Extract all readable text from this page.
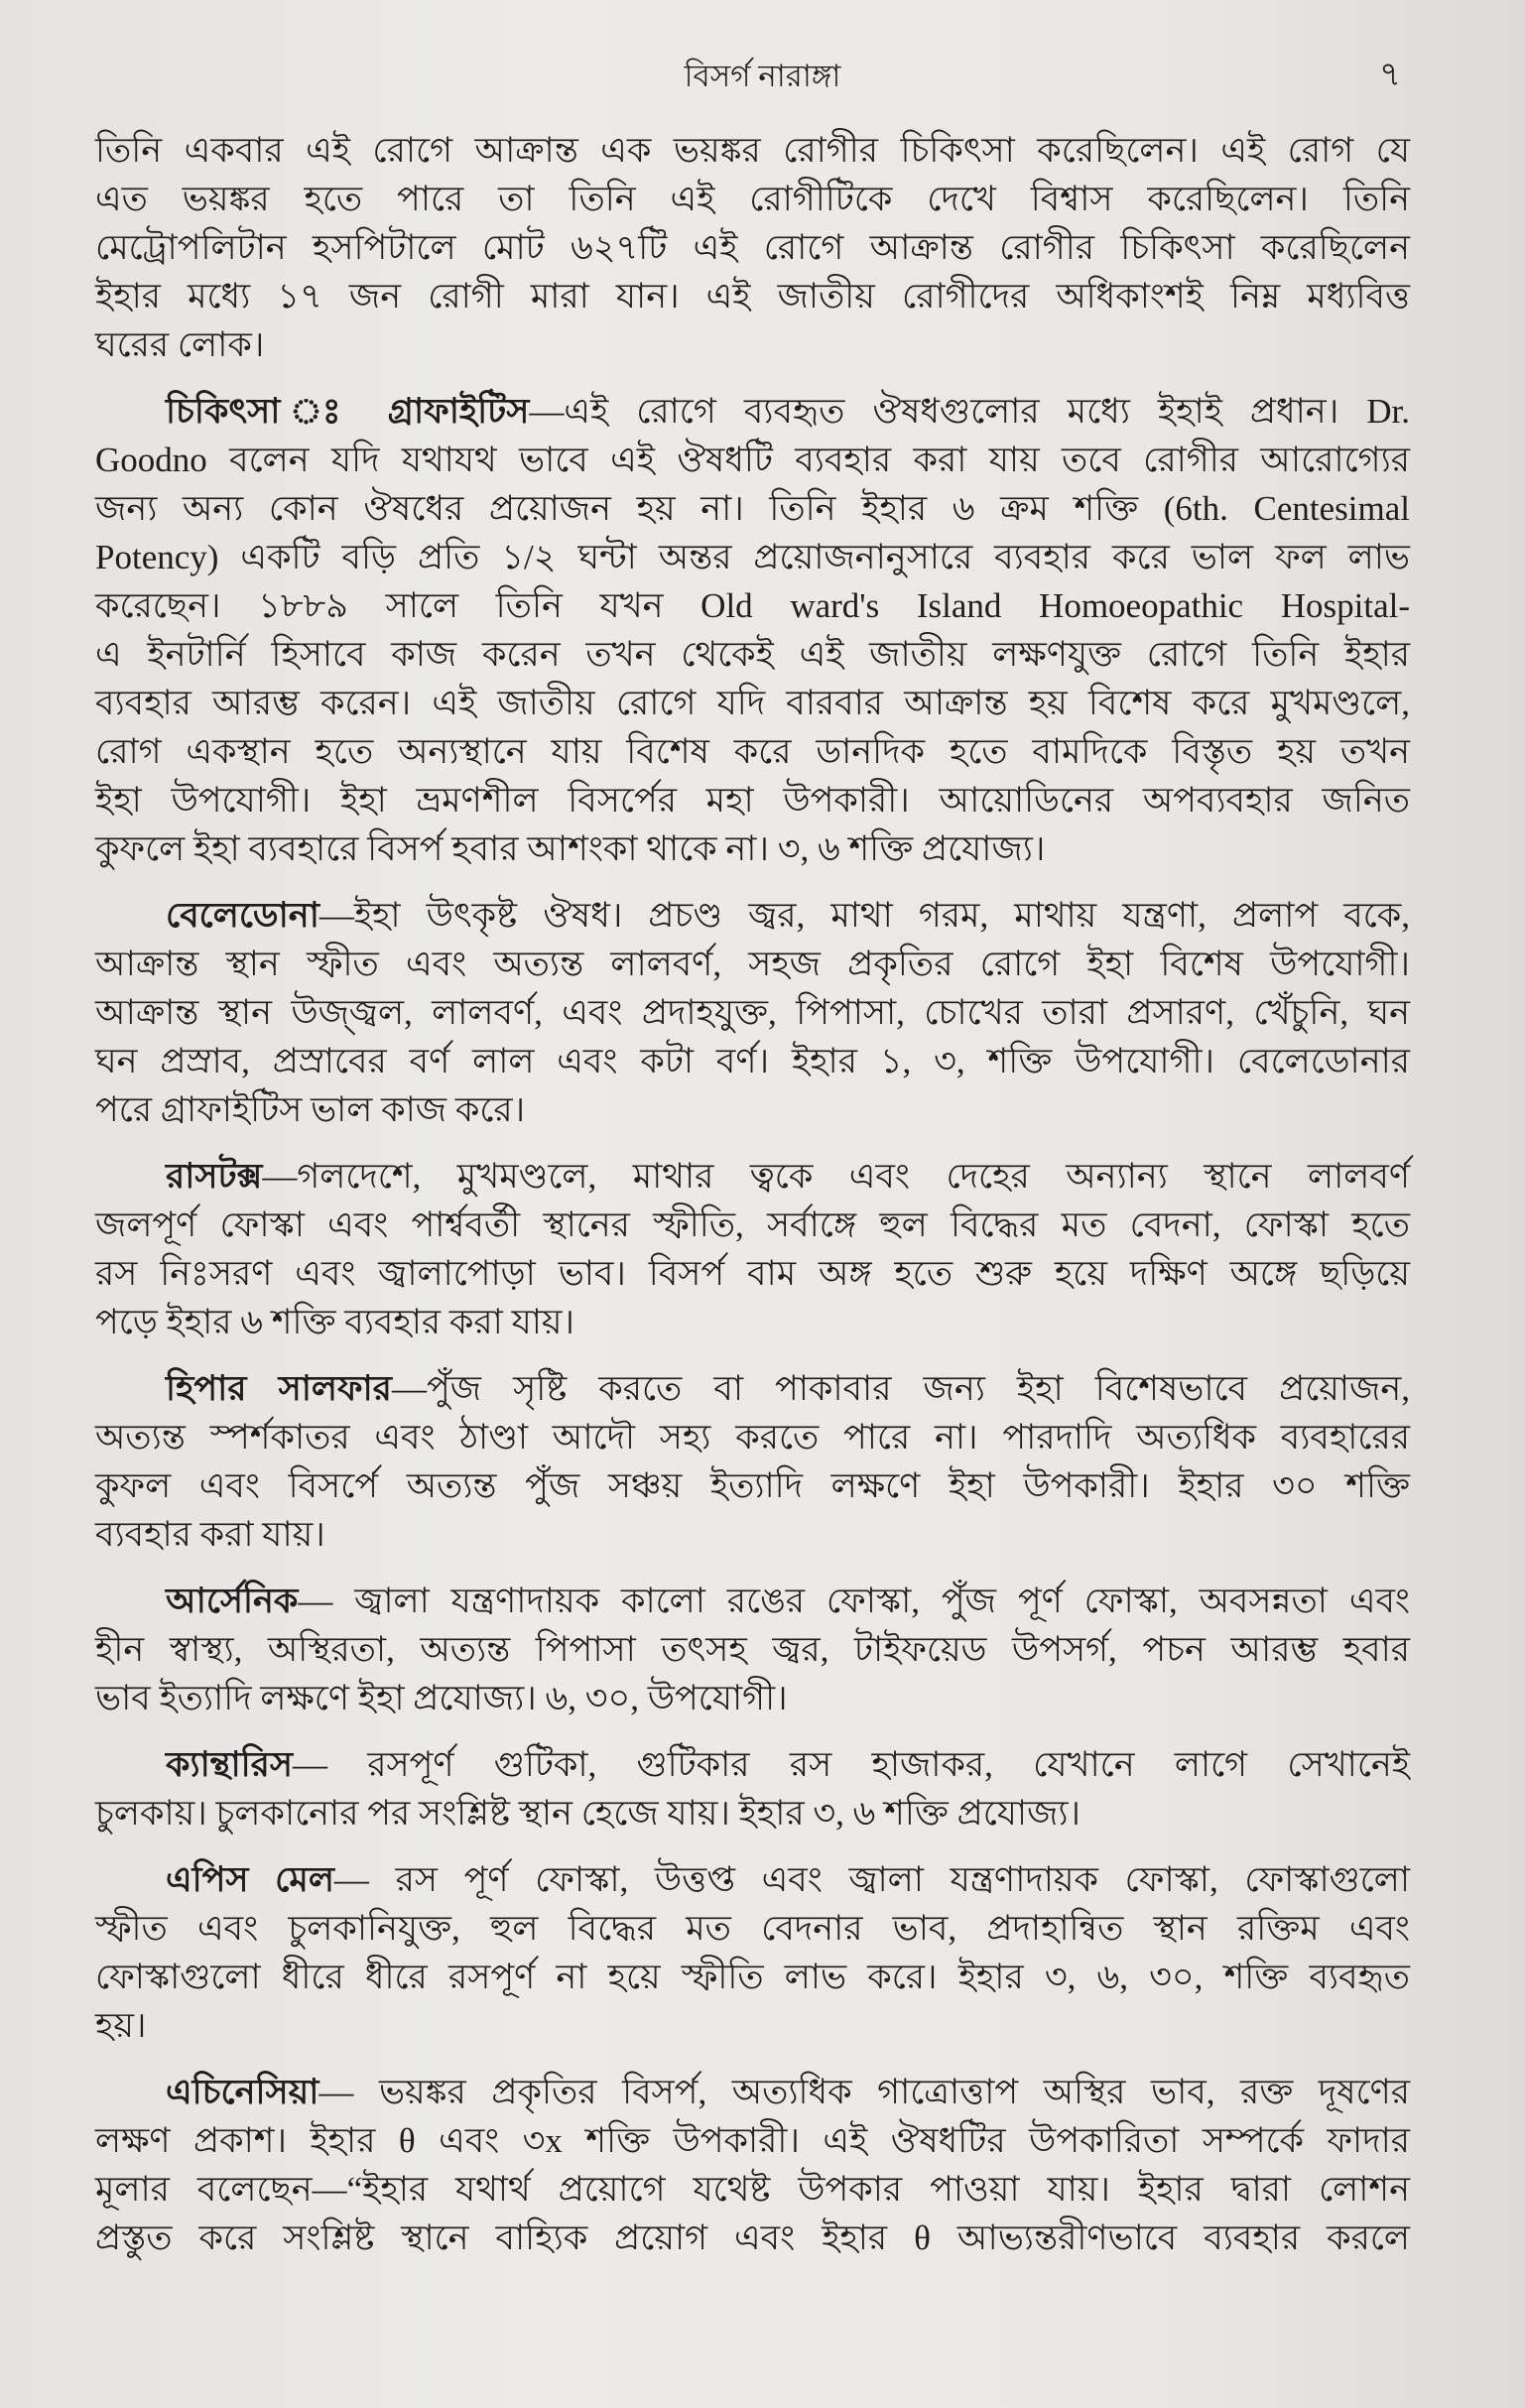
বিসর্গ নারাঙ্গা	৭
তিনি একবার এই রোগে আক্রান্ত এক ভয়ঙ্কর রোগীর চিকিৎসা করেছিলেন। এই রোগ যে
এত ভয়ঙ্কর হতে পারে তা তিনি এই রোগীটিকে দেখে বিশ্বাস করেছিলেন। তিনি
মেট্রোপলিটান হসপিটালে মোট ৬২৭টি এই রোগে আক্রান্ত রোগীর চিকিৎসা করেছিলেন
ইহার মধ্যে ১৭ জন রোগী মারা যান। এই জাতীয় রোগীদের অধিকাংশই নিম্ন মধ্যবিত্ত
ঘরের লোক।
চিকিৎসা ঃ গ্রাফাইটিস—এই রোগে ব্যবহৃত ঔষধগুলোর মধ্যে ইহাই প্রধান। Dr.
Goodno বলেন যদি যথাযথ ভাবে এই ঔষধটি ব্যবহার করা যায় তবে রোগীর আরোগ্যের
জন্য অন্য কোন ঔষধের প্রয়োজন হয় না। তিনি ইহার ৬ ক্রম শক্তি (6th. Centesimal
Potency) একটি বড়ি প্রতি ১/২ ঘন্টা অন্তর প্রয়োজনানুসারে ব্যবহার করে ভাল ফল লাভ
করেছেন। ১৮৮৯ সালে তিনি যখন Old ward's Island Homoeopathic Hospital-
এ ইনটার্নি হিসাবে কাজ করেন তখন থেকেই এই জাতীয় লক্ষণযুক্ত রোগে তিনি ইহার
ব্যবহার আরম্ভ করেন। এই জাতীয় রোগে যদি বারবার আক্রান্ত হয় বিশেষ করে মুখমণ্ডলে,
রোগ একস্থান হতে অন্যস্থানে যায় বিশেষ করে ডানদিক হতে বামদিকে বিস্তৃত হয় তখন
ইহা উপযোগী। ইহা ভ্রমণশীল বিসর্পের মহা উপকারী। আয়োডিনের অপব্যবহার জনিত
কুফলে ইহা ব্যবহারে বিসর্প হবার আশংকা থাকে না। ৩, ৬ শক্তি প্রযোজ্য।
বেলেডোনা—ইহা উৎকৃষ্ট ঔষধ। প্রচণ্ড জ্বর, মাথা গরম, মাথায় যন্ত্রণা, প্রলাপ বকে,
আক্রান্ত স্থান স্ফীত এবং অত্যন্ত লালবর্ণ, সহজ প্রকৃতির রোগে ইহা বিশেষ উপযোগী।
আক্রান্ত স্থান উজ্জ্বল, লালবর্ণ, এবং প্রদাহযুক্ত, পিপাসা, চোখের তারা প্রসারণ, খেঁচুনি, ঘন
ঘন প্রস্রাব, প্রস্রাবের বর্ণ লাল এবং কটা বর্ণ। ইহার ১, ৩, শক্তি উপযোগী। বেলেডোনার
পরে গ্রাফাইটিস ভাল কাজ করে।
রাসটক্স—গলদেশে, মুখমণ্ডলে, মাথার ত্বকে এবং দেহের অন্যান্য স্থানে লালবর্ণ
জলপূর্ণ ফোস্কা এবং পার্শ্ববর্তী স্থানের স্ফীতি, সর্বাঙ্গে হুল বিদ্ধের মত বেদনা, ফোস্কা হতে
রস নিঃসরণ এবং জ্বালাপোড়া ভাব। বিসর্প বাম অঙ্গ হতে শুরু হয়ে দক্ষিণ অঙ্গে ছড়িয়ে
পড়ে ইহার ৬ শক্তি ব্যবহার করা যায়।
হিপার সালফার—পুঁজ সৃষ্টি করতে বা পাকাবার জন্য ইহা বিশেষভাবে প্রয়োজন,
অত্যন্ত স্পর্শকাতর এবং ঠাণ্ডা আদৌ সহ্য করতে পারে না। পারদাদি অত্যধিক ব্যবহারের
কুফল এবং বিসর্পে অত্যন্ত পুঁজ সঞ্চয় ইত্যাদি লক্ষণে ইহা উপকারী। ইহার ৩০ শক্তি
ব্যবহার করা যায়।
আর্সেনিক— জ্বালা যন্ত্রণাদায়ক কালো রঙের ফোস্কা, পুঁজ পূর্ণ ফোস্কা, অবসন্নতা এবং
হীন স্বাস্থ্য, অস্থিরতা, অত্যন্ত পিপাসা তৎসহ জ্বর, টাইফয়েড উপসর্গ, পচন আরম্ভ হবার
ভাব ইত্যাদি লক্ষণে ইহা প্রযোজ্য। ৬, ৩০, উপযোগী।
ক্যান্থারিস— রসপূর্ণ গুটিকা, গুটিকার রস হাজাকর, যেখানে লাগে সেখানেই
চুলকায়। চুলকানোর পর সংশ্লিষ্ট স্থান হেজে যায়। ইহার ৩, ৬ শক্তি প্রযোজ্য।
এপিস মেল— রস পূর্ণ ফোস্কা, উত্তপ্ত এবং জ্বালা যন্ত্রণাদায়ক ফোস্কা, ফোস্কাগুলো
স্ফীত এবং চুলকানিযুক্ত, হুল বিদ্ধের মত বেদনার ভাব, প্রদাহান্বিত স্থান রক্তিম এবং
ফোস্কাগুলো ধীরে ধীরে রসপূর্ণ না হয়ে স্ফীতি লাভ করে। ইহার ৩, ৬, ৩০, শক্তি ব্যবহৃত
হয়।
এচিনেসিয়া— ভয়ঙ্কর প্রকৃতির বিসর্প, অত্যধিক গাত্রোত্তাপ অস্থির ভাব, রক্ত দূষণের
লক্ষণ প্রকাশ। ইহার θ এবং ৩x শক্তি উপকারী। এই ঔষধটির উপকারিতা সম্পর্কে ফাদার
মূলার বলেছেন—“ইহার যথার্থ প্রয়োগে যথেষ্ট উপকার পাওয়া যায়। ইহার দ্বারা লোশন
প্রস্তুত করে সংশ্লিষ্ট স্থানে বাহ্যিক প্রয়োগ এবং ইহার θ আভ্যন্তরীণভাবে ব্যবহার করলে
